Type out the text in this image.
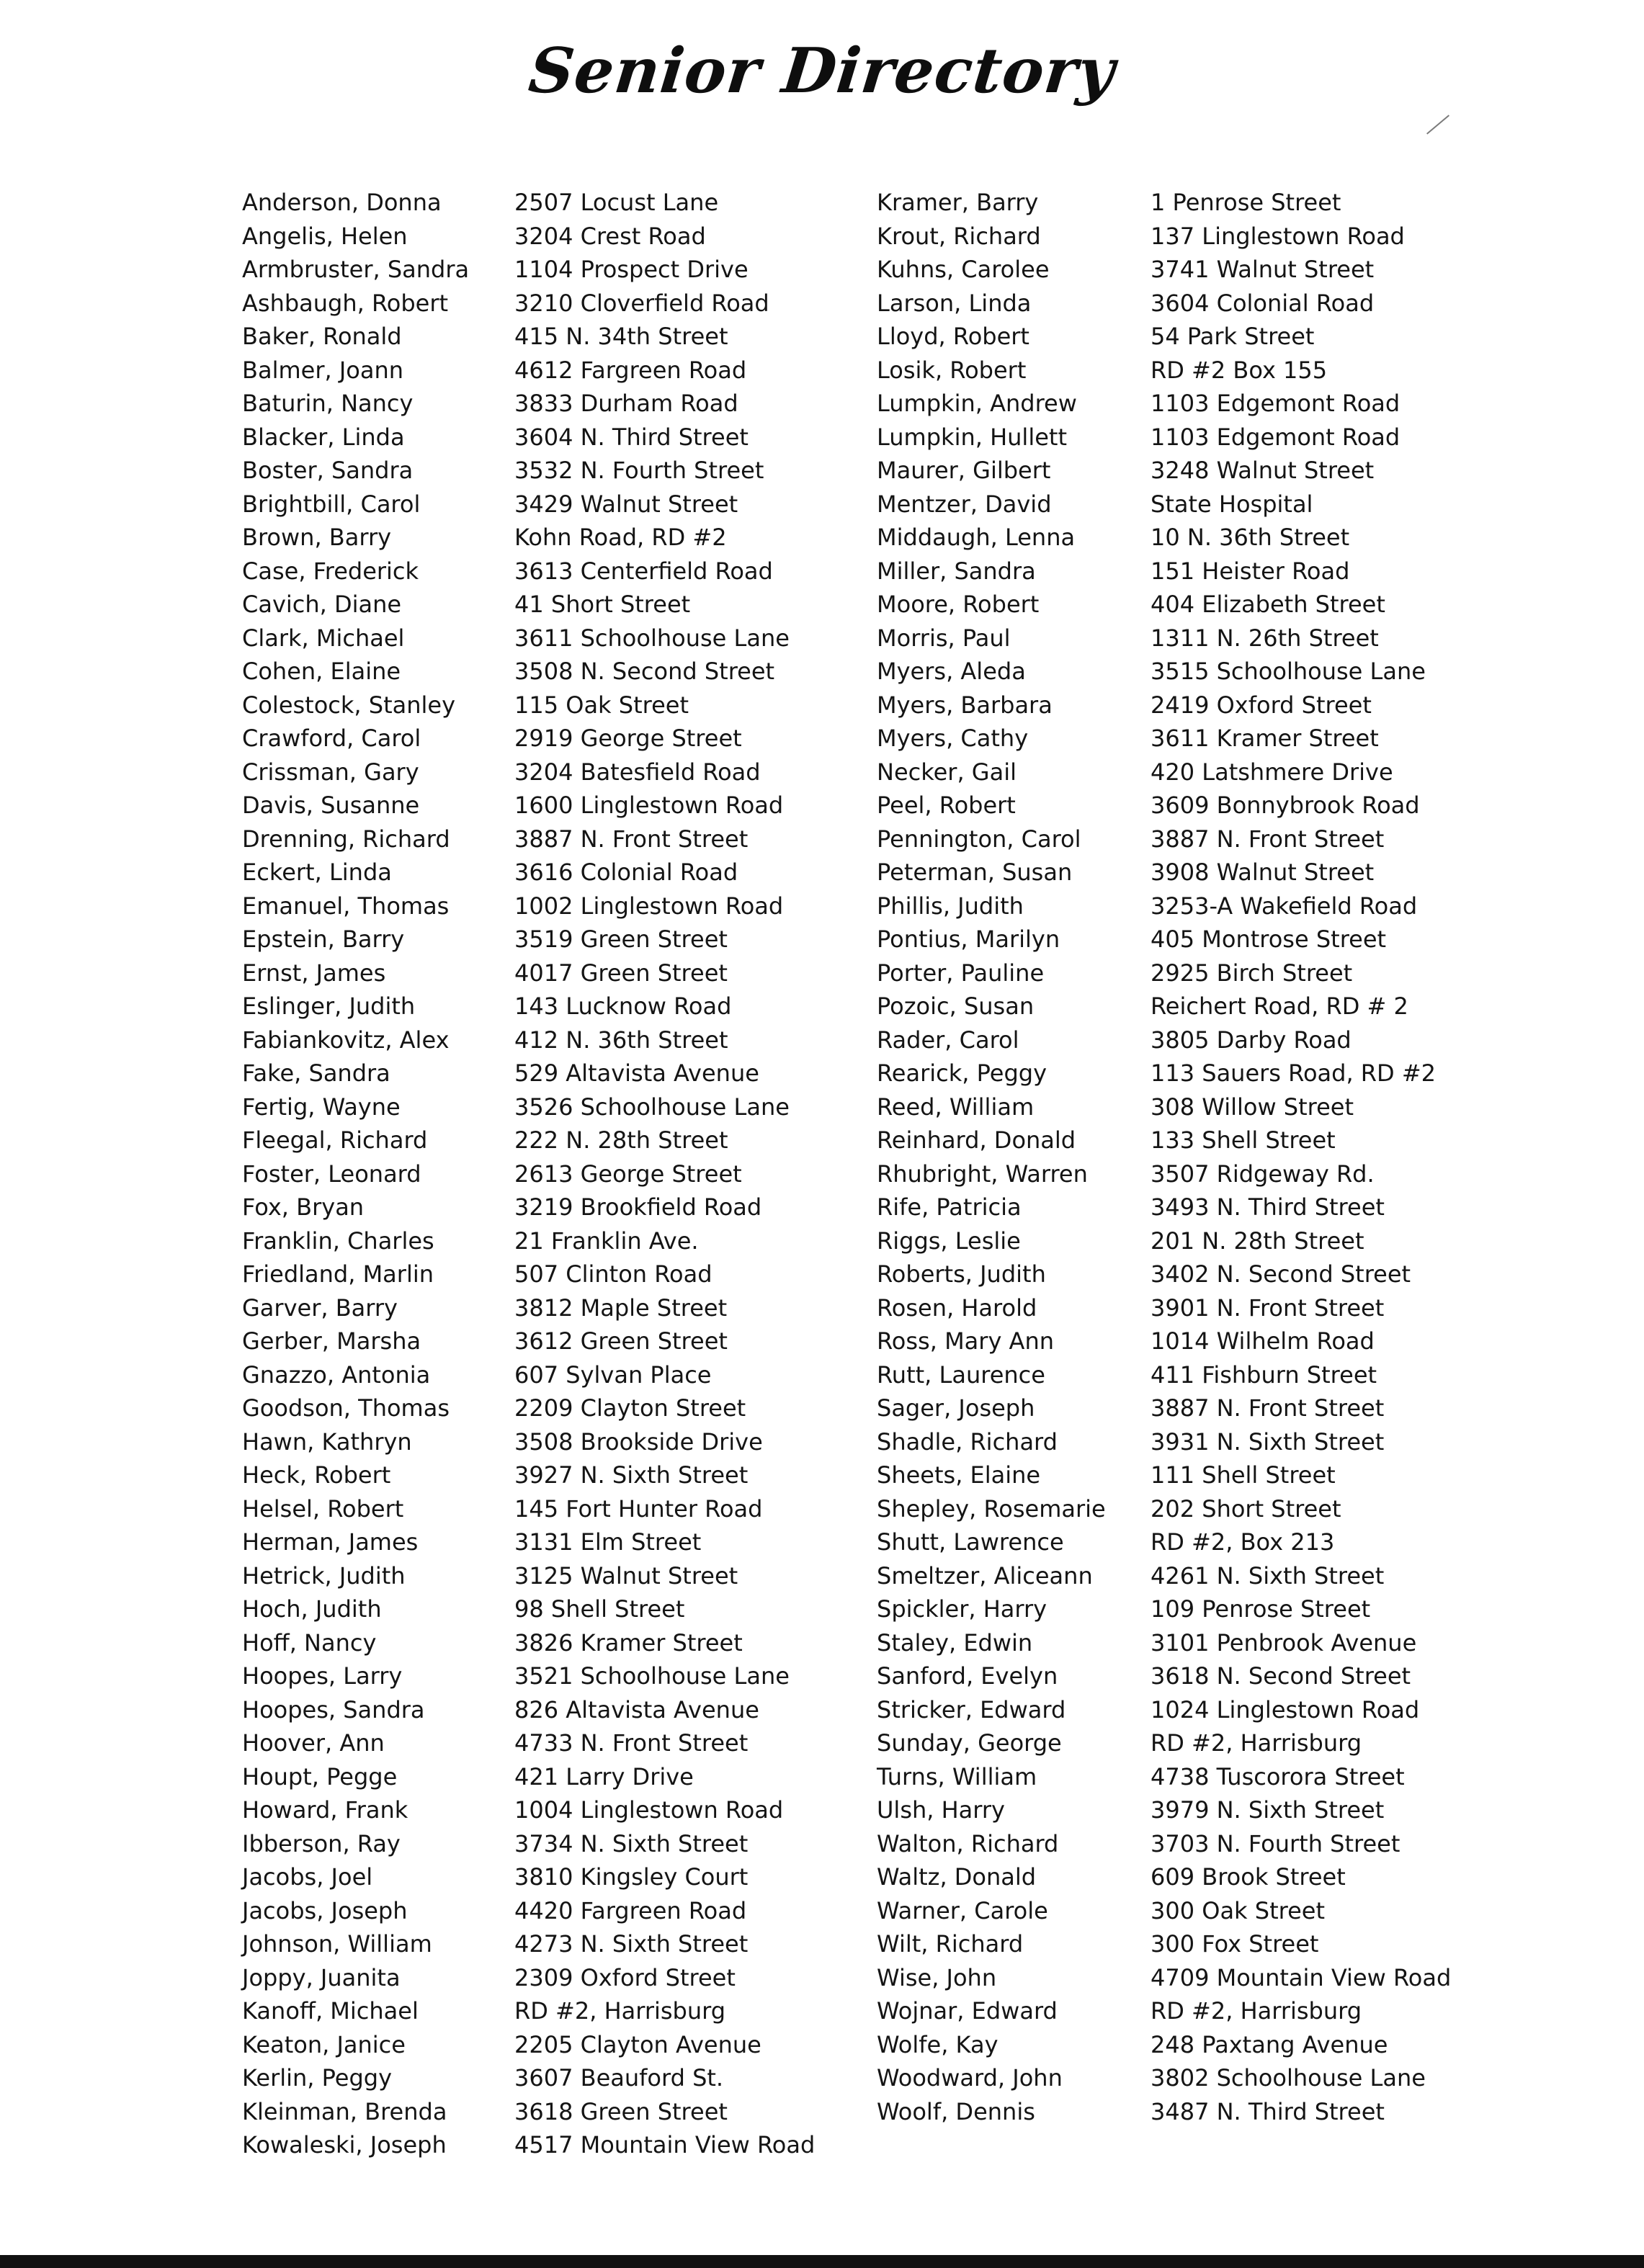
Senior Directory
Anderson, Donna
Angelis, Helen
Armbruster, Sandra
Ashbaugh, Robert
Baker, Ronald
Balmer, Joann
Baturin, Nancy
Blacker, Linda
Boster, Sandra
Brightbill, Carol
Brown, Barry
Case, Frederick
Cavich, Diane
Clark, Michael
Cohen, Elaine
Colestock, Stanley
Crawford, Carol
Crissman, Gary
Davis, Susanne
Drenning, Richard
Eckert, Linda
Emanuel, Thomas
Epstein, Barry
Ernst, James
Eslinger, Judith
Fabiankovitz, Alex
Fake, Sandra
Fertig, Wayne
Fleegal, Richard
Foster, Leonard
Fox, Bryan
Franklin, Charles
Friedland, Marlin
Garver, Barry
Gerber, Marsha
Gnazzo, Antonia
Goodson, Thomas
Hawn, Kathryn
Heck, Robert
Helsel, Robert
Herman, James
Hetrick, Judith
Hoch, Judith
Hoff, Nancy
Hoopes, Larry
Hoopes, Sandra
Hoover, Ann
Houpt, Pegge
Howard, Frank
Ibberson, Ray
Jacobs, Joel
Jacobs, Joseph
Johnson, William
Joppy, Juanita
Kanoff, Michael
Keaton, Janice
Kerlin, Peggy
Kleinman, Brenda
Kowaleski, Joseph
2507 Locust Lane
3204 Crest Road
1104 Prospect Drive
3210 Cloverfield Road
415 N. 34th Street
4612 Fargreen Road
3833 Durham Road
3604 N. Third Street
3532 N. Fourth Street
3429 Walnut Street
Kohn Road, RD #2
3613 Centerfield Road
41 Short Street
3611 Schoolhouse Lane
3508 N. Second Street
115 Oak Street
2919 George Street
3204 Batesfield Road
1600 Linglestown Road
3887 N. Front Street
3616 Colonial Road
1002 Linglestown Road
3519 Green Street
4017 Green Street
143 Lucknow Road
412 N. 36th Street
529 Altavista Avenue
3526 Schoolhouse Lane
222 N. 28th Street
2613 George Street
3219 Brookfield Road
21 Franklin Ave.
507 Clinton Road
3812 Maple Street
3612 Green Street
607 Sylvan Place
2209 Clayton Street
3508 Brookside Drive
3927 N. Sixth Street
145 Fort Hunter Road
3131 Elm Street
3125 Walnut Street
98 Shell Street
3826 Kramer Street
3521 Schoolhouse Lane
826 Altavista Avenue
4733 N. Front Street
421 Larry Drive
1004 Linglestown Road
3734 N. Sixth Street
3810 Kingsley Court
4420 Fargreen Road
4273 N. Sixth Street
2309 Oxford Street
RD #2, Harrisburg
2205 Clayton Avenue
3607 Beauford St.
3618 Green Street
4517 Mountain View Road
Kramer, Barry
Krout, Richard
Kuhns, Carolee
Larson, Linda
Lloyd, Robert
Losik, Robert
Lumpkin, Andrew
Lumpkin, Hullett
Maurer, Gilbert
Mentzer, David
Middaugh, Lenna
Miller, Sandra
Moore, Robert
Morris, Paul
Myers, Aleda
Myers, Barbara
Myers, Cathy
Necker, Gail
Peel, Robert
Pennington, Carol
Peterman, Susan
Phillis, Judith
Pontius, Marilyn
Porter, Pauline
Pozoic, Susan
Rader, Carol
Rearick, Peggy
Reed, William
Reinhard, Donald
Rhubright, Warren
Rife, Patricia
Riggs, Leslie
Roberts, Judith
Rosen, Harold
Ross, Mary Ann
Rutt, Laurence
Sager, Joseph
Shadle, Richard
Sheets, Elaine
Shepley, Rosemarie
Shutt, Lawrence
Smeltzer, Aliceann
Spickler, Harry
Staley, Edwin
Sanford, Evelyn
Stricker, Edward
Sunday, George
Turns, William
Ulsh, Harry
Walton, Richard
Waltz, Donald
Warner, Carole
Wilt, Richard
Wise, John
Wojnar, Edward
Wolfe, Kay
Woodward, John
Woolf, Dennis
1 Penrose Street
137 Linglestown Road
3741 Walnut Street
3604 Colonial Road
54 Park Street
RD #2 Box 155
1103 Edgemont Road
1103 Edgemont Road
3248 Walnut Street
State Hospital
10 N. 36th Street
151 Heister Road
404 Elizabeth Street
1311 N. 26th Street
3515 Schoolhouse Lane
2419 Oxford Street
3611 Kramer Street
420 Latshmere Drive
3609 Bonnybrook Road
3887 N. Front Street
3908 Walnut Street
3253-A Wakefield Road
405 Montrose Street
2925 Birch Street
Reichert Road, RD # 2
3805 Darby Road
113 Sauers Road, RD #2
308 Willow Street
133 Shell Street
3507 Ridgeway Rd.
3493 N. Third Street
201 N. 28th Street
3402 N. Second Street
3901 N. Front Street
1014 Wilhelm Road
411 Fishburn Street
3887 N. Front Street
3931 N. Sixth Street
111 Shell Street
202 Short Street
RD #2, Box 213
4261 N. Sixth Street
109 Penrose Street
3101 Penbrook Avenue
3618 N. Second Street
1024 Linglestown Road
RD #2, Harrisburg
4738 Tuscorora Street
3979 N. Sixth Street
3703 N. Fourth Street
609 Brook Street
300 Oak Street
300 Fox Street
4709 Mountain View Road
RD #2, Harrisburg
248 Paxtang Avenue
3802 Schoolhouse Lane
3487 N. Third Street
